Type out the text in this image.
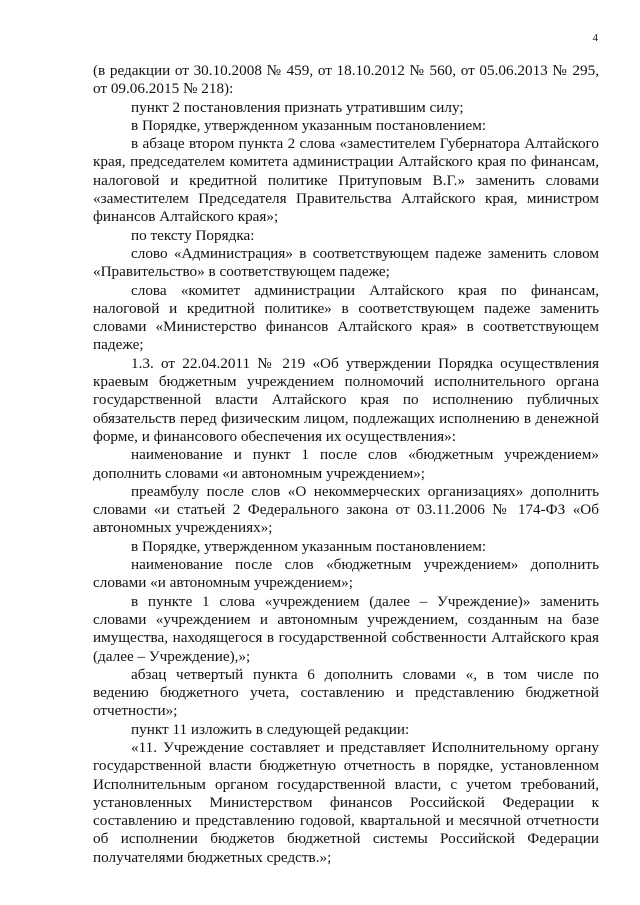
4

(в редакции от 30.10.2008 № 459, от 18.10.2012 № 560, от 05.06.2013 № 295, от 09.06.2015 № 218):

пункт 2 постановления признать утратившим силу;

в Порядке, утвержденном указанным постановлением:

в абзаце втором пункта 2 слова «заместителем Губернатора Алтайского края, председателем комитета администрации Алтайского края по финансам, налоговой и кредитной политике Притуповым В.Г.» заменить словами «заместителем Председателя Правительства Алтайского края, министром финансов Алтайского края»;

по тексту Порядка:

слово «Администрация» в соответствующем падеже заменить словом «Правительство» в соответствующем падеже;

слова «комитет администрации Алтайского края по финансам, налоговой и кредитной политике» в соответствующем падеже заменить словами «Министерство финансов Алтайского края» в соответствующем падеже;

1.3. от 22.04.2011 № 219 «Об утверждении Порядка осуществления краевым бюджетным учреждением полномочий исполнительного органа государственной власти Алтайского края по исполнению публичных обязательств перед физическим лицом, подлежащих исполнению в денежной форме, и финансового обеспечения их осуществления»:

наименование и пункт 1 после слов «бюджетным учреждением» дополнить словами «и автономным учреждением»;

преамбулу после слов «О некоммерческих организациях» дополнить словами «и статьей 2 Федерального закона от 03.11.2006 № 174-ФЗ «Об автономных учреждениях»;

в Порядке, утвержденном указанным постановлением:

наименование после слов «бюджетным учреждением» дополнить словами «и автономным учреждением»;

в пункте 1 слова «учреждением (далее – Учреждение)» заменить словами «учреждением и автономным учреждением, созданным на базе имущества, находящегося в государственной собственности Алтайского края (далее – Учреждение),»;

абзац четвертый пункта 6 дополнить словами «, в том числе по ведению бюджетного учета, составлению и представлению бюджетной отчетности»;

пункт 11 изложить в следующей редакции:

«11. Учреждение составляет и представляет Исполнительному органу государственной власти бюджетную отчетность в порядке, установленном Исполнительным органом государственной власти, с учетом требований, установленных Министерством финансов Российской Федерации к составлению и представлению годовой, квартальной и месячной отчетности об исполнении бюджетов бюджетной системы Российской Федерации получателями бюджетных средств.»;
